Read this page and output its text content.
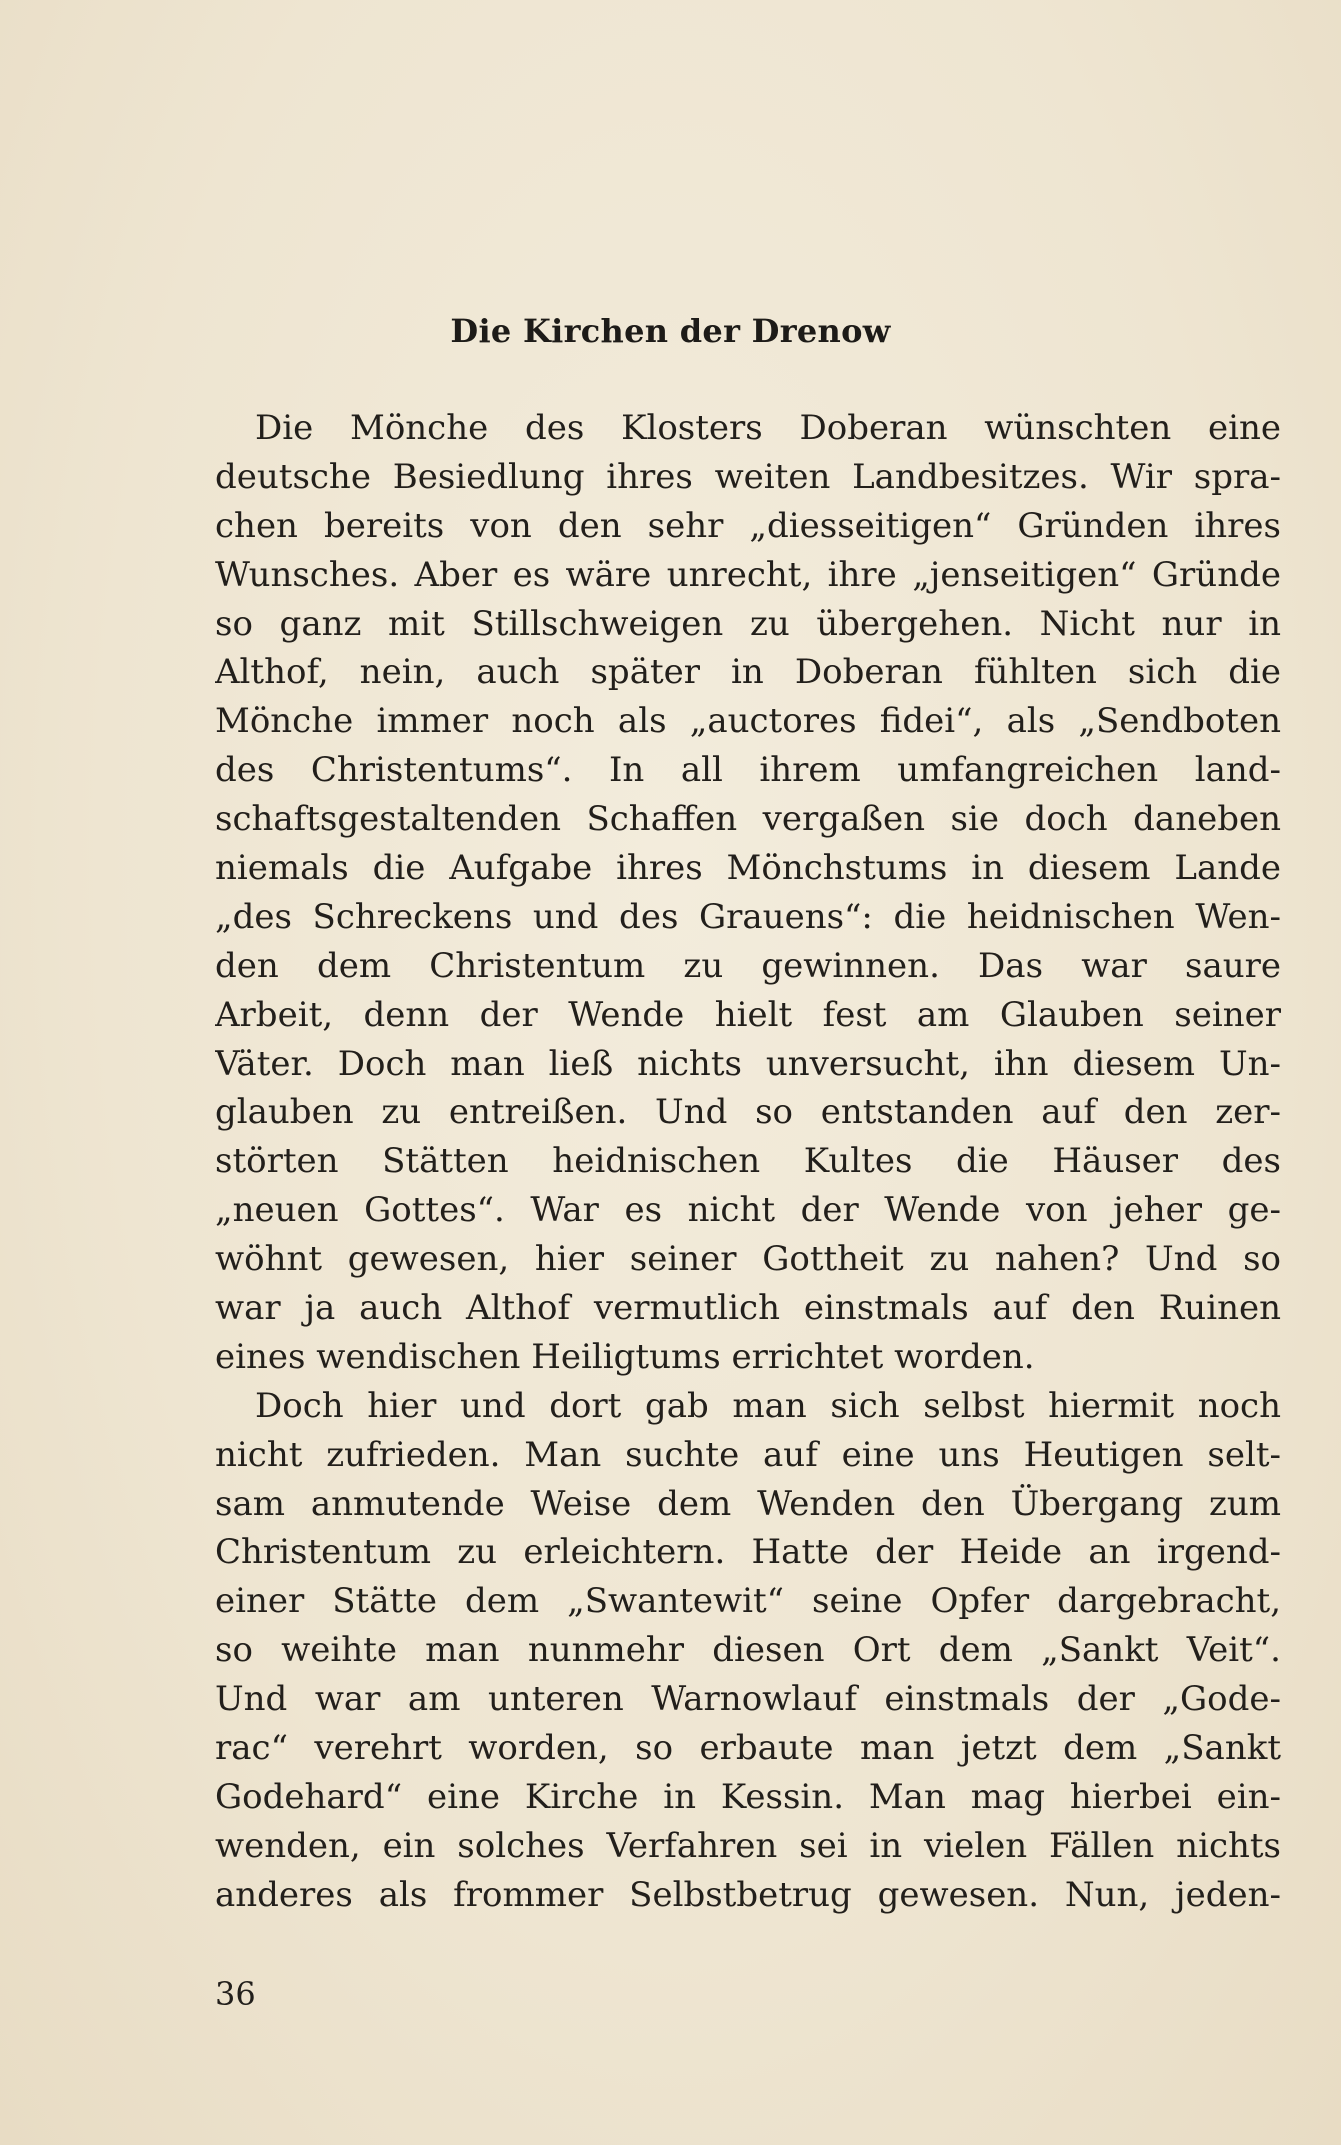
Die Kirchen der Drenow
Die Mönche des Klosters Doberan wünschten eine
deutsche Besiedlung ihres weiten Landbesitzes. Wir spra-
chen bereits von den sehr „diesseitigen“ Gründen ihres
Wunsches. Aber es wäre unrecht, ihre „jenseitigen“ Gründe
so ganz mit Stillschweigen zu übergehen. Nicht nur in
Althof, nein, auch später in Doberan fühlten sich die
Mönche immer noch als „auctores fidei“, als „Sendboten
des Christentums“. In all ihrem umfangreichen land-
schaftsgestaltenden Schaffen vergaßen sie doch daneben
niemals die Aufgabe ihres Mönchstums in diesem Lande
„des Schreckens und des Grauens“: die heidnischen Wen-
den dem Christentum zu gewinnen. Das war saure
Arbeit, denn der Wende hielt fest am Glauben seiner
Väter. Doch man ließ nichts unversucht, ihn diesem Un-
glauben zu entreißen. Und so entstanden auf den zer-
störten Stätten heidnischen Kultes die Häuser des
„neuen Gottes“. War es nicht der Wende von jeher ge-
wöhnt gewesen, hier seiner Gottheit zu nahen? Und so
war ja auch Althof vermutlich einstmals auf den Ruinen
eines wendischen Heiligtums errichtet worden.
Doch hier und dort gab man sich selbst hiermit noch
nicht zufrieden. Man suchte auf eine uns Heutigen selt-
sam anmutende Weise dem Wenden den Übergang zum
Christentum zu erleichtern. Hatte der Heide an irgend-
einer Stätte dem „Swantewit“ seine Opfer dargebracht,
so weihte man nunmehr diesen Ort dem „Sankt Veit“.
Und war am unteren Warnowlauf einstmals der „Gode-
rac“ verehrt worden, so erbaute man jetzt dem „Sankt
Godehard“ eine Kirche in Kessin. Man mag hierbei ein-
wenden, ein solches Verfahren sei in vielen Fällen nichts
anderes als frommer Selbstbetrug gewesen. Nun, jeden-
36
